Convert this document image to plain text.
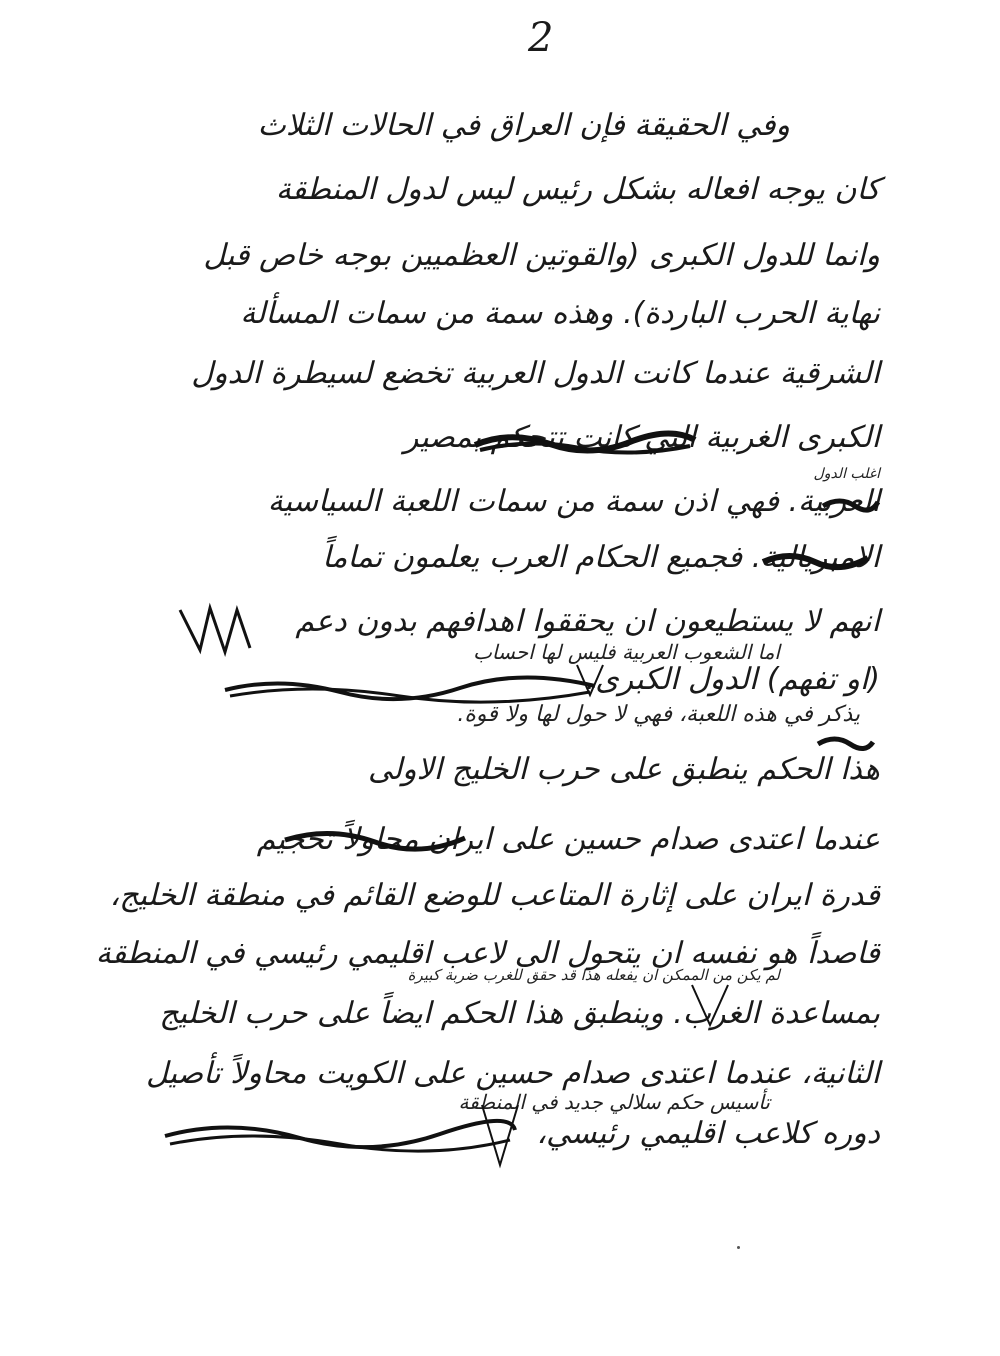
2
وفي الحقيقة فإن العراق في الحالات الثلاث
كان يوجه افعاله بشكل رئيس ليس لدول المنطقة
وانما للدول الكبرى (والقوتين العظميين بوجه خاص قبل
نهاية الحرب الباردة). وهذه سمة من سمات المسألة
الشرقية عندما كانت الدول العربية تخضع لسيطرة الدول
الكبرى الغربية التي كانت تتحكم بمصير
العربية. فهي اذن سمة من سمات اللعبة السياسية
الامبريالية. فجميع الحكام العرب يعلمون تماماً
انهم لا يستطيعون ان يحققوا اهدافهم بدون دعم
(او تفهم) الدول الكبرى.
هذا الحكم ينطبق على حرب الخليج الاولى
عندما اعتدى صدام حسين على ايران محاولاً تحجيم
قدرة ايران على إثارة المتاعب للوضع القائم في منطقة الخليج،
قاصداً هو نفسه ان يتحول الى لاعب اقليمي رئيسي في المنطقة
بمساعدة الغرب. وينطبق هذا الحكم ايضاً على حرب الخليج
الثانية، عندما اعتدى صدام حسين على الكويت محاولاً تأصيل
دوره كلاعب اقليمي رئيسي،
اغلب الدول
اما الشعوب العربية فليس لها احساب
يذكر في هذه اللعبة، فهي لا حول لها ولا قوة.
لم يكن من الممكن ان يفعله هذا قد حقق للغرب ضربة كبيرة
تأسيس حكم سلالي جديد في المنطقة
